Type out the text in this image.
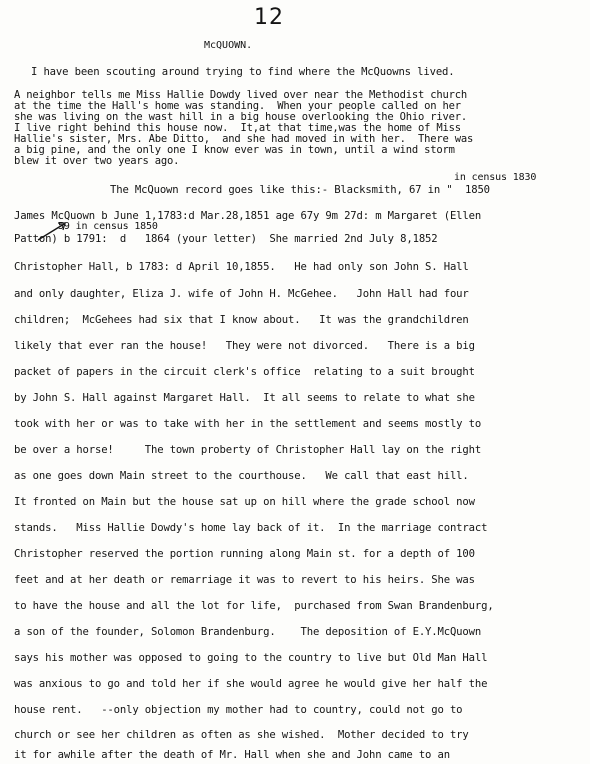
12
McQUOWN.
I have been scouting around trying to find where the McQuowns lived.
A neighbor tells me Miss Hallie Dowdy lived over near the Methodist church
at the time the Hall's home was standing.  When your people called on her
she was living on the wast hill in a big house overlooking the Ohio river.
I live right behind this house now.  It,at that time,was the home of Miss
Hallie's sister, Mrs. Abe Ditto,  and she had moved in with her.  There was
a big pine, and the only one I know ever was in town, until a wind storm
blew it over two years ago.
in census 1830
The McQuown record goes like this:- Blacksmith, 67 in "  1850
James McQuown b June 1,1783:d Mar.28,1851 age 67y 9m 27d: m Margaret (Ellen
59 in census 1850
Patton) b 1791:  d   1864 (your letter)  She married 2nd July 8,1852
Christopher Hall, b 1783: d April 10,1855.   He had only son John S. Hall
and only daughter, Eliza J. wife of John H. McGehee.   John Hall had four
children;  McGehees had six that I know about.   It was the grandchildren
likely that ever ran the house!   They were not divorced.   There is a big
packet of papers in the circuit clerk's office  relating to a suit brought
by John S. Hall against Margaret Hall.  It all seems to relate to what she
took with her or was to take with her in the settlement and seems mostly to
be over a horse!     The town proberty of Christopher Hall lay on the right
as one goes down Main street to the courthouse.   We call that east hill.
It fronted on Main but the house sat up on hill where the grade school now
stands.   Miss Hallie Dowdy's home lay back of it.  In the marriage contract
Christopher reserved the portion running along Main st. for a depth of 100
feet and at her death or remarriage it was to revert to his heirs. She was
to have the house and all the lot for life,  purchased from Swan Brandenburg,
a son of the founder, Solomon Brandenburg.    The deposition of E.Y.McQuown
says his mother was opposed to going to the country to live but Old Man Hall
was anxious to go and told her if she would agree he would give her half the
house rent.   --only objection my mother had to country, could not go to
church or see her children as often as she wished.  Mother decided to try
it for awhile after the death of Mr. Hall when she and John came to an
